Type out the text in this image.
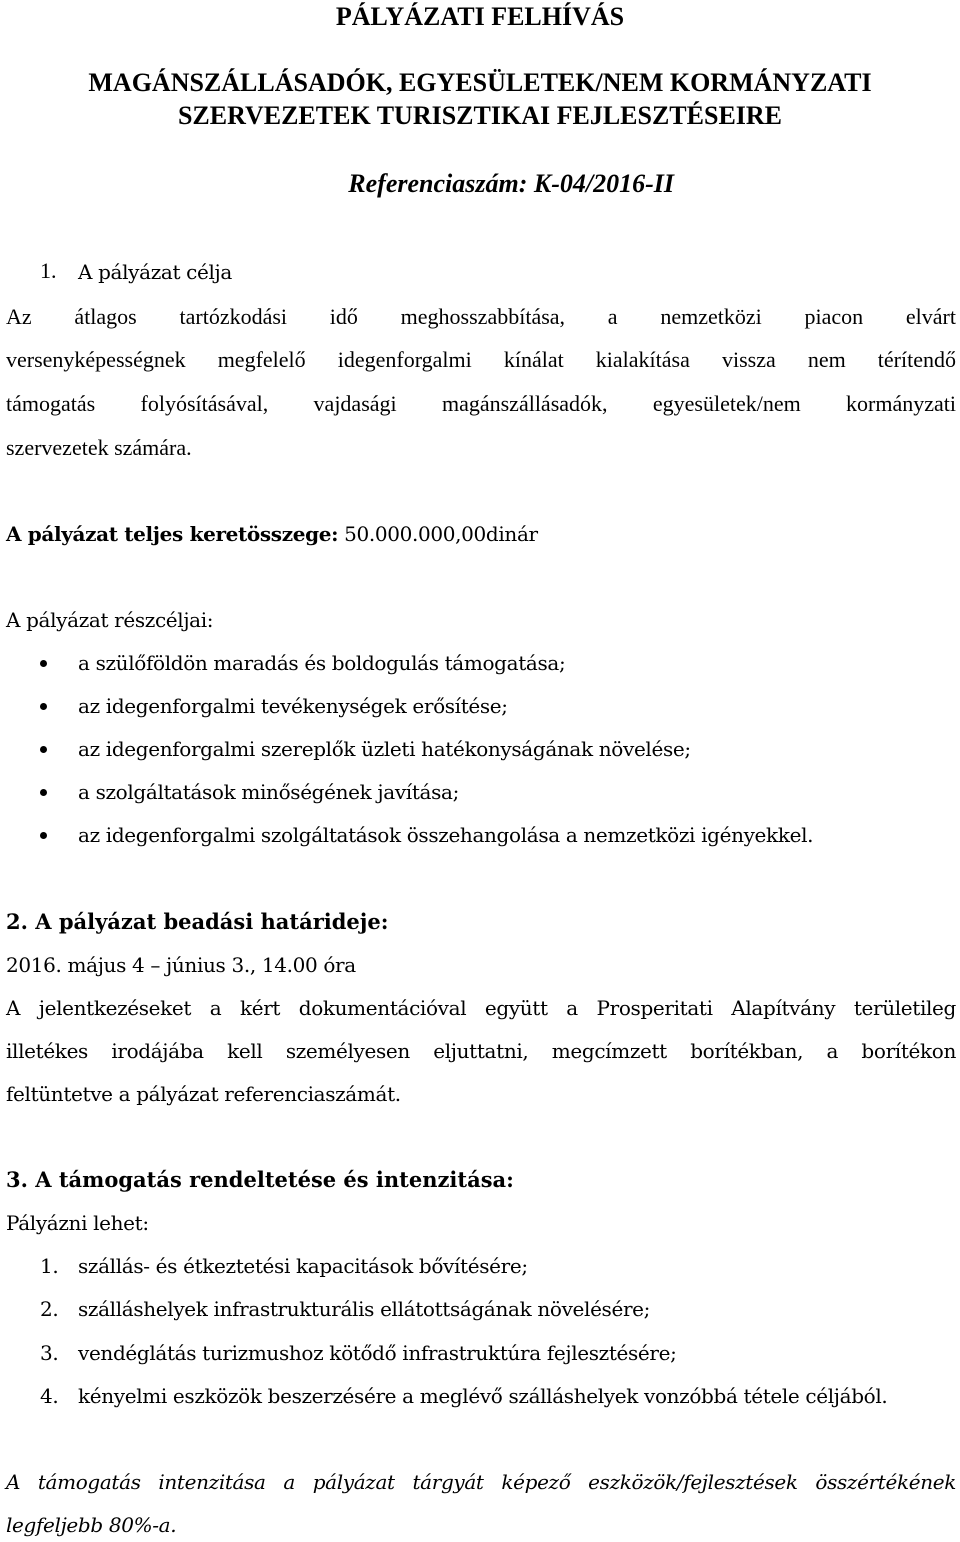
PÁLYÁZATI FELHÍVÁS
MAGÁNSZÁLLÁSADÓK, EGYESÜLETEK/NEM KORMÁNYZATI
SZERVEZETEK TURISZTIKAI FEJLESZTÉSEIRE
Referenciaszám: K-04/2016-II
1. A pályázat célja
Az átlagos tartózkodási idő meghosszabbítása, a nemzetközi piacon elvárt
versenyképességnek megfelelő idegenforgalmi kínálat kialakítása vissza nem térítendő
támogatás folyósításával, vajdasági magánszállásadók, egyesületek/nem kormányzati
szervezetek számára.
A pályázat teljes keretösszege: 50.000.000,00dinár
A pályázat részcéljai:
a szülőföldön maradás és boldogulás támogatása;
az idegenforgalmi tevékenységek erősítése;
az idegenforgalmi szereplők üzleti hatékonyságának növelése;
a szolgáltatások minőségének javítása;
az idegenforgalmi szolgáltatások összehangolása a nemzetközi igényekkel.
2. A pályázat beadási határideje:
2016. május 4 – június 3., 14.00 óra
A jelentkezéseket a kért dokumentációval együtt a Prosperitati Alapítvány területileg
illetékes irodájába kell személyesen eljuttatni, megcímzett borítékban, a borítékon
feltüntetve a pályázat referenciaszámát.
3. A támogatás rendeltetése és intenzitása:
Pályázni lehet:
1. szállás- és étkeztetési kapacitások bővítésére;
2. szálláshelyek infrastrukturális ellátottságának növelésére;
3. vendéglátás turizmushoz kötődő infrastruktúra fejlesztésére;
4. kényelmi eszközök beszerzésére a meglévő szálláshelyek vonzóbbá tétele céljából.
A támogatás intenzitása a pályázat tárgyát képező eszközök/fejlesztések összértékének
legfeljebb 80%-a.
